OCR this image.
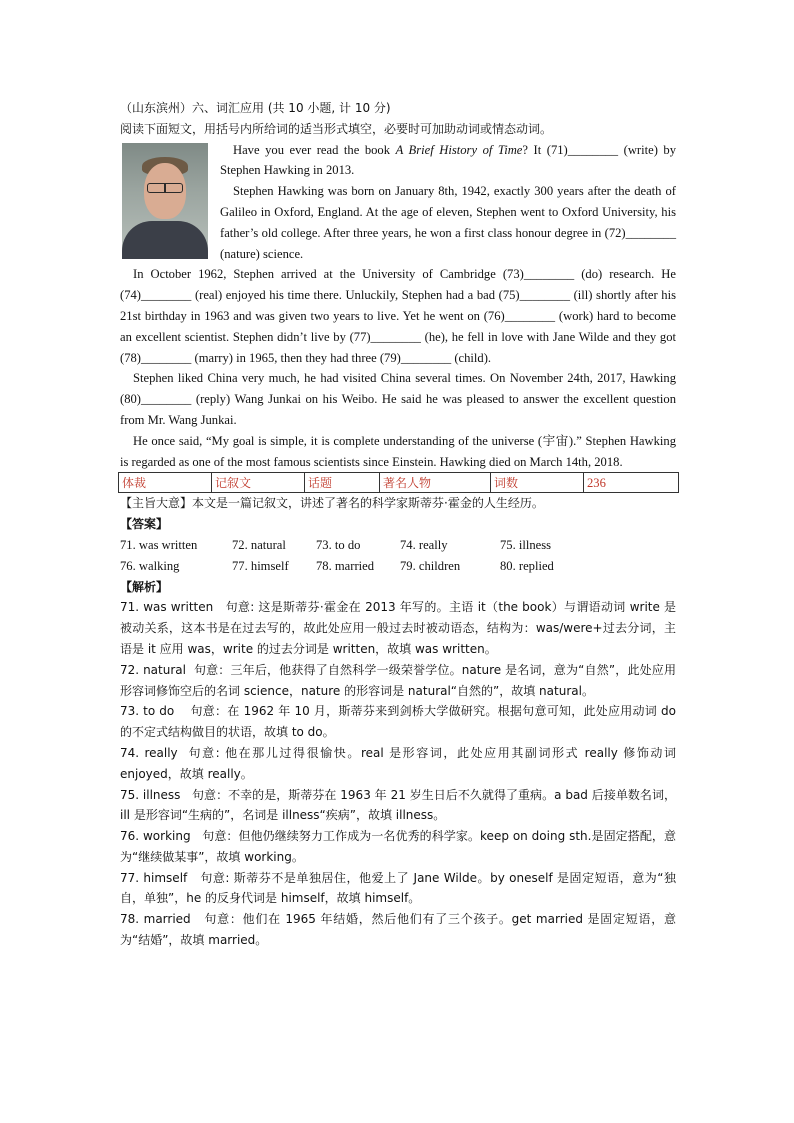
（山东滨州）六、词汇应用 (共 10 小题, 计 10 分)

阅读下面短文，用括号内所给词的适当形式填空，必要时可加助动词或情态动词。

Have you ever read the book A Brief History of Time? It (71)________ (write) by Stephen Hawking in 2013.

Stephen Hawking was born on January 8th, 1942, exactly 300 years after the death of Galileo in Oxford, England. At the age of eleven, Stephen went to Oxford University, his father’s old college. After three years, he won a first class honour degree in (72)________ (nature) science.

In October 1962, Stephen arrived at the University of Cambridge (73)________ (do) research. He (74)________ (real) enjoyed his time there. Unluckily, Stephen had a bad (75)________ (ill) shortly after his 21st birthday in 1963 and was given two years to live. Yet he went on (76)________ (work) hard to become an excellent scientist. Stephen didn’t live by (77)________ (he), he fell in love with Jane Wilde and they got (78)________ (marry) in 1965, then they had three (79)________ (child).

Stephen liked China very much, he had visited China several times. On November 24th, 2017, Hawking (80)________ (reply) Wang Junkai on his Weibo. He said he was pleased to answer the excellent question from Mr. Wang Junkai.

He once said, “My goal is simple, it is complete understanding of the universe (宇宙).” Stephen Hawking is regarded as one of the most famous scientists since Einstein. Hawking died on March 14th, 2018.

体裁	记叙文	话题	著名人物	词数	236

【主旨大意】本文是一篇记叙文，讲述了著名的科学家斯蒂芬·霍金的人生经历。

【答案】

71. was written	72. natural	73. to do	74. really	75. illness
76. walking	77. himself	78. married	79. children	80. replied

【解析】

71. was written 句意: 这是斯蒂芬·霍金在 2013 年写的。主语 it（the book）与谓语动词 write 是被动关系，这本书是在过去写的，故此处应用一般过去时被动语态，结构为：was/were+过去分词，主语是 it 应用 was，write 的过去分词是 written，故填 was written。

72. natural 句意：三年后，他获得了自然科学一级荣誉学位。nature 是名词，意为“自然”，此处应用形容词修饰空后的名词 science，nature 的形容词是 natural“自然的”，故填 natural。

73. to do 句意：在 1962 年 10 月，斯蒂芬来到剑桥大学做研究。根据句意可知，此处应用动词 do 的不定式结构做目的状语，故填 to do。

74. really 句意: 他在那儿过得很愉快。real 是形容词，此处应用其副词形式 really 修饰动词 enjoyed，故填 really。

75. illness 句意：不幸的是，斯蒂芬在 1963 年 21 岁生日后不久就得了重病。a bad 后接单数名词，ill 是形容词“生病的”，名词是 illness“疾病”，故填 illness。

76. working 句意：但他仍继续努力工作成为一名优秀的科学家。keep on doing sth.是固定搭配，意为“继续做某事”，故填 working。

77. himself 句意: 斯蒂芬不是单独居住，他爱上了 Jane Wilde。by oneself 是固定短语，意为“独自，单独”，he 的反身代词是 himself，故填 himself。

78. married 句意：他们在 1965 年结婚，然后他们有了三个孩子。get married 是固定短语，意为“结婚”，故填 married。
